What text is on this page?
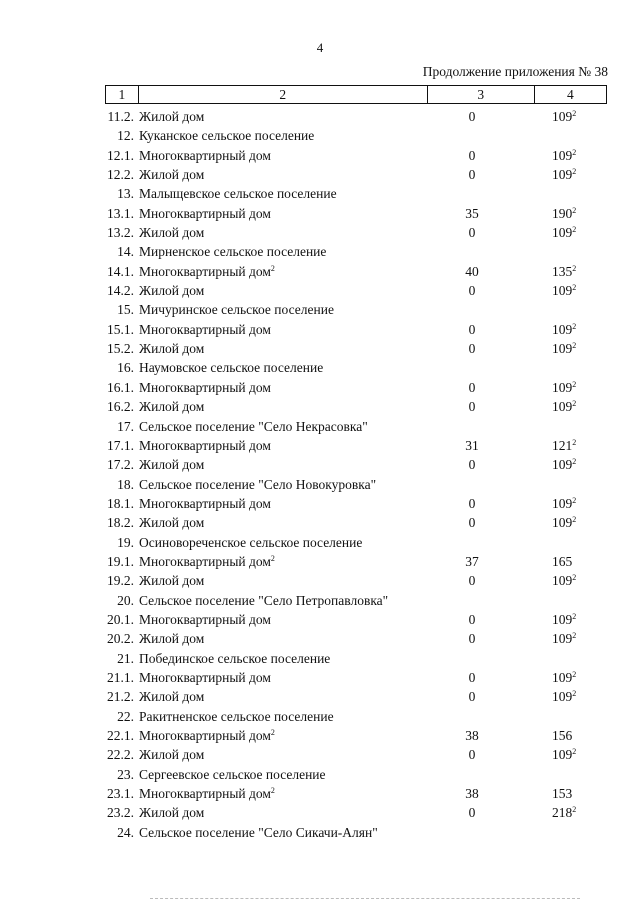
4
Продолжение приложения № 38
1	2	3	4
11.2. Жилой дом	0	$109^2$
12. Куканское сельское поселение
12.1. Многоквартирный дом	0	$109^2$
12.2. Жилой дом	0	$109^2$
13. Малыщевское сельское поселение
13.1. Многоквартирный дом	35	$190^2$
13.2. Жилой дом	0	$109^2$
14. Мирненское сельское поселение
14.1. Многоквартирный дом$^2$	40	$135^2$
14.2. Жилой дом	0	$109^2$
15. Мичуринское сельское поселение
15.1. Многоквартирный дом	0	$109^2$
15.2. Жилой дом	0	$109^2$
16. Наумовское сельское поселение
16.1. Многоквартирный дом	0	$109^2$
16.2. Жилой дом	0	$109^2$
17. Сельское поселение "Село Некрасовка"
17.1. Многоквартирный дом	31	$121^2$
17.2. Жилой дом	0	$109^2$
18. Сельское поселение "Село Новокуровка"
18.1. Многоквартирный дом	0	$109^2$
18.2. Жилой дом	0	$109^2$
19. Осиновореченское сельское поселение
19.1. Многоквартирный дом$^2$	37	165
19.2. Жилой дом	0	$109^2$
20. Сельское поселение "Село Петропавловка"
20.1. Многоквартирный дом	0	$109^2$
20.2. Жилой дом	0	$109^2$
21. Побединское сельское поселение
21.1. Многоквартирный дом	0	$109^2$
21.2. Жилой дом	0	$109^2$
22. Ракитненское сельское поселение
22.1. Многоквартирный дом$^2$	38	156
22.2. Жилой дом	0	$109^2$
23. Сергеевское сельское поселение
23.1. Многоквартирный дом$^2$	38	153
23.2. Жилой дом	0	$218^2$
24. Сельское поселение "Село Сикачи-Алян"
